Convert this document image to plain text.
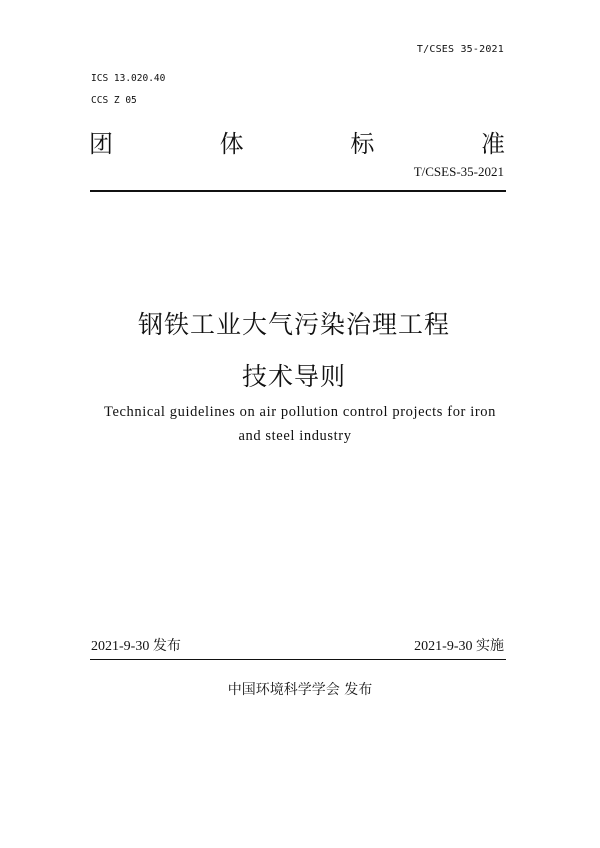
T/CSES 35-2021
ICS 13.020.40
CCS Z 05
团	体	标	准
T/CSES-35-2021
钢铁工业大气污染治理工程
技术导则
Technical guidelines on air pollution control projects for iron
and steel industry
2021-9-30 发布	2021-9-30 实施
中国环境科学学会 发布
